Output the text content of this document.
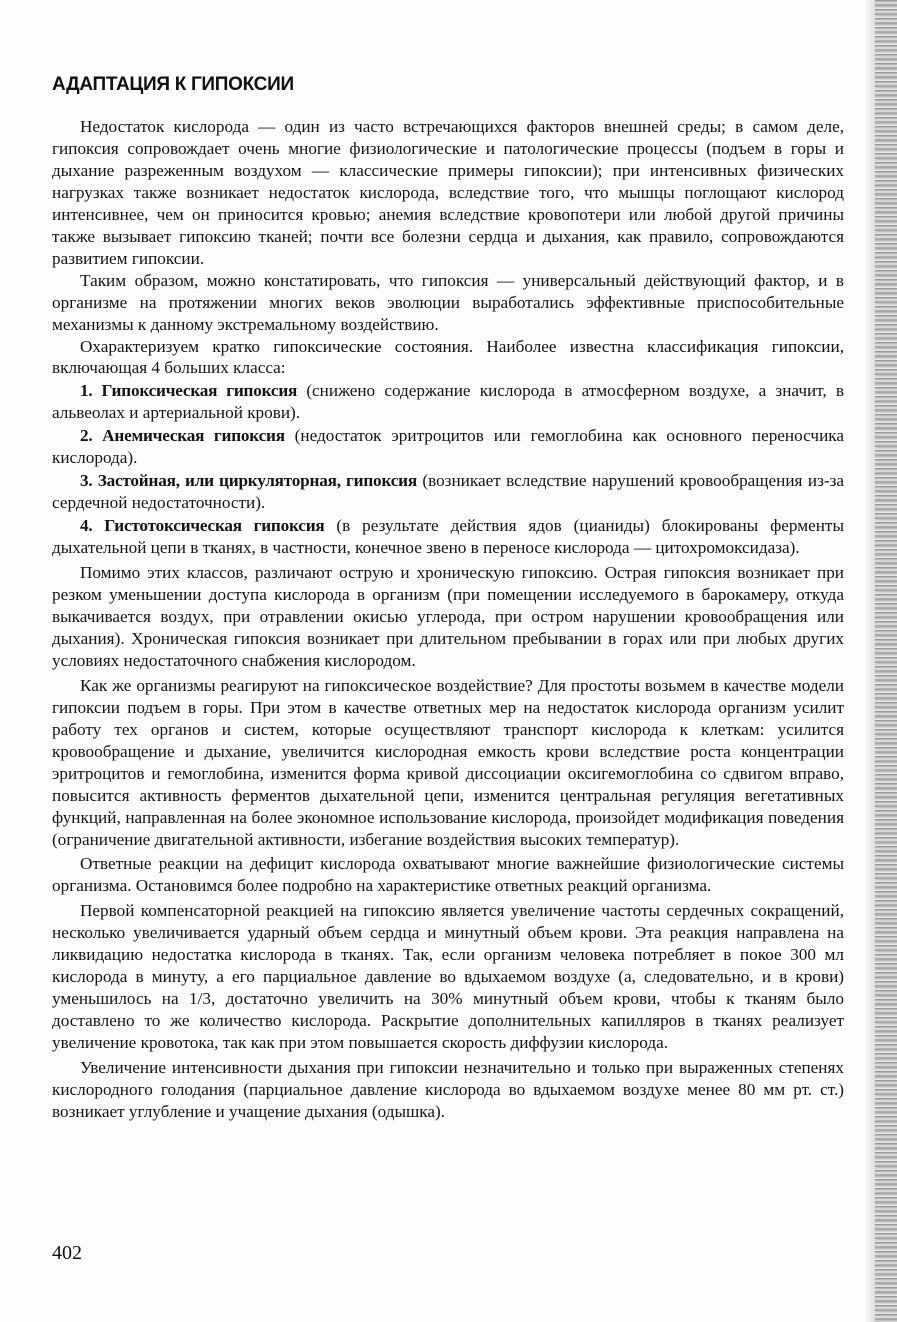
АДАПТАЦИЯ К ГИПОКСИИ

Недостаток кислорода — один из часто встречающихся факторов внешней среды; в самом деле, гипоксия сопровождает очень многие физиологические и патологические процессы (подъем в горы и дыхание разреженным воздухом — классические примеры гипоксии); при интенсивных физических нагрузках также возникает недостаток кислорода, вследствие того, что мышцы поглощают кислород интенсивнее, чем он приносится кровью; анемия вследствие кровопотери или любой другой причины также вызывает гипоксию тканей; почти все болезни сердца и дыхания, как правило, сопровождаются развитием гипоксии.

Таким образом, можно констатировать, что гипоксия — универсальный действующий фактор, и в организме на протяжении многих веков эволюции выработались эффективные приспособительные механизмы к данному экстремальному воздействию.

Охарактеризуем кратко гипоксические состояния. Наиболее известна классификация гипоксии, включающая 4 больших класса:

1. Гипоксическая гипоксия (снижено содержание кислорода в атмосферном воздухе, а значит, в альвеолах и артериальной крови).

2. Анемическая гипоксия (недостаток эритроцитов или гемоглобина как основного переносчика кислорода).

3. Застойная, или циркуляторная, гипоксия (возникает вследствие нарушений кровообращения из-за сердечной недостаточности).

4. Гистотоксическая гипоксия (в результате действия ядов (цианиды) блокированы ферменты дыхательной цепи в тканях, в частности, конечное звено в переносе кислорода — цитохромоксидаза).

Помимо этих классов, различают острую и хроническую гипоксию. Острая гипоксия возникает при резком уменьшении доступа кислорода в организм (при помещении исследуемого в барокамеру, откуда выкачивается воздух, при отравлении окисью углерода, при остром нарушении кровообращения или дыхания). Хроническая гипоксия возникает при длительном пребывании в горах или при любых других условиях недостаточного снабжения кислородом.

Как же организмы реагируют на гипоксическое воздействие? Для простоты возьмем в качестве модели гипоксии подъем в горы. При этом в качестве ответных мер на недостаток кислорода организм усилит работу тех органов и систем, которые осуществляют транспорт кислорода к клеткам: усилится кровообращение и дыхание, увеличится кислородная емкость крови вследствие роста концентрации эритроцитов и гемоглобина, изменится форма кривой диссоциации оксигемоглобина со сдвигом вправо, повысится активность ферментов дыхательной цепи, изменится центральная регуляция вегетативных функций, направленная на более экономное использование кислорода, произойдет модификация поведения (ограничение двигательной активности, избегание воздействия высоких температур).

Ответные реакции на дефицит кислорода охватывают многие важнейшие физиологические системы организма. Остановимся более подробно на характеристике ответных реакций организма.

Первой компенсаторной реакцией на гипоксию является увеличение частоты сердечных сокращений, несколько увеличивается ударный объем сердца и минутный объем крови. Эта реакция направлена на ликвидацию недостатка кислорода в тканях. Так, если организм человека потребляет в покое 300 мл кислорода в минуту, а его парциальное давление во вдыхаемом воздухе (а, следовательно, и в крови) уменьшилось на 1/3, достаточно увеличить на 30% минутный объем крови, чтобы к тканям было доставлено то же количество кислорода. Раскрытие дополнительных капилляров в тканях реализует увеличение кровотока, так как при этом повышается скорость диффузии кислорода.

Увеличение интенсивности дыхания при гипоксии незначительно и только при выраженных степенях кислородного голодания (парциальное давление кислорода во вдыхаемом воздухе менее 80 мм рт. ст.) возникает углубление и учащение дыхания (одышка).

402
